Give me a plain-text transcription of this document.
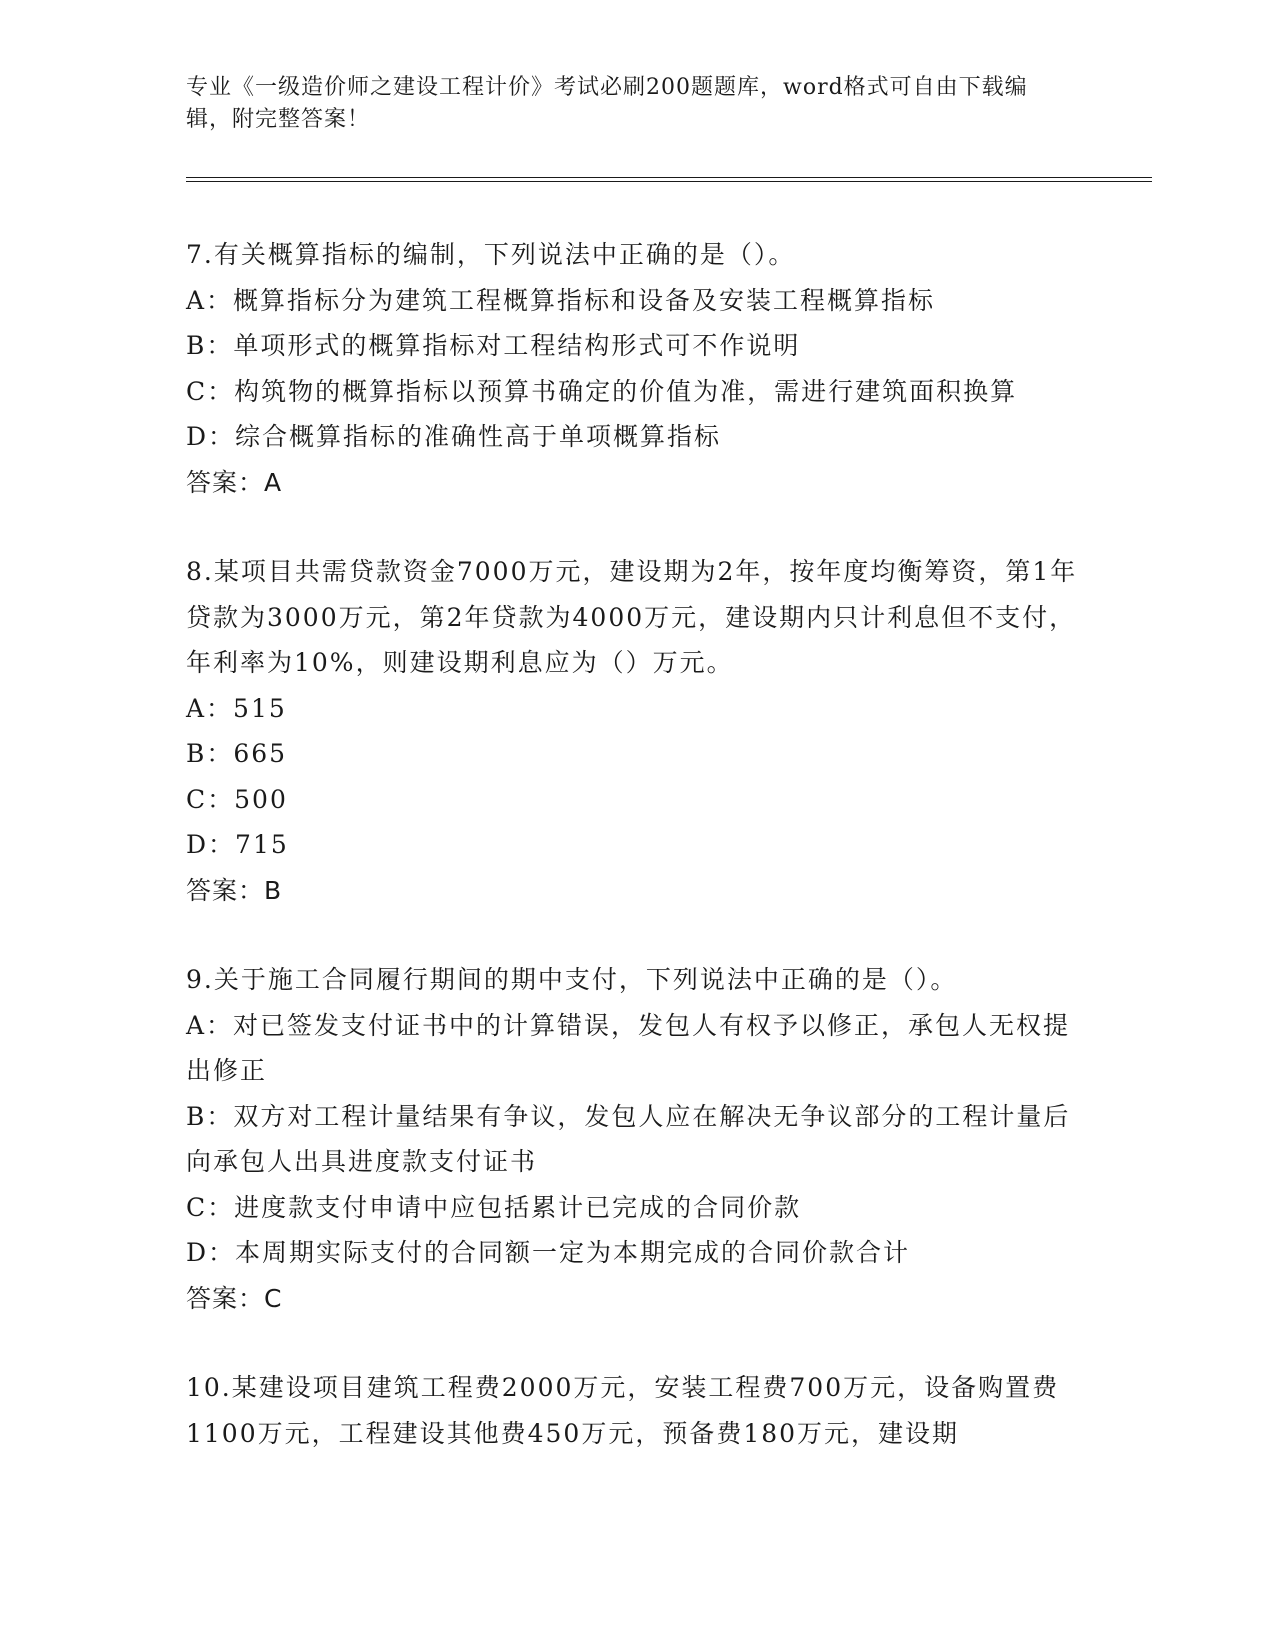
专业《一级造价师之建设工程计价》考试必刷200题题库，word格式可自由下载编辑，附完整答案！
7.有关概算指标的编制，下列说法中正确的是（）。
A：概算指标分为建筑工程概算指标和设备及安装工程概算指标
B：单项形式的概算指标对工程结构形式可不作说明
C：构筑物的概算指标以预算书确定的价值为准，需进行建筑面积换算
D：综合概算指标的准确性高于单项概算指标
答案：A
8.某项目共需贷款资金7000万元，建设期为2年，按年度均衡筹资，第1年贷款为3000万元，第2年贷款为4000万元，建设期内只计利息但不支付，年利率为10%，则建设期利息应为（）万元。
A：515
B：665
C：500
D：715
答案：B
9.关于施工合同履行期间的期中支付，下列说法中正确的是（）。
A：对已签发支付证书中的计算错误，发包人有权予以修正，承包人无权提出修正
B：双方对工程计量结果有争议，发包人应在解决无争议部分的工程计量后向承包人出具进度款支付证书
C：进度款支付申请中应包括累计已完成的合同价款
D：本周期实际支付的合同额一定为本期完成的合同价款合计
答案：C
10.某建设项目建筑工程费2000万元，安装工程费700万元，设备购置费1100万元，工程建设其他费450万元，预备费180万元，建设期
